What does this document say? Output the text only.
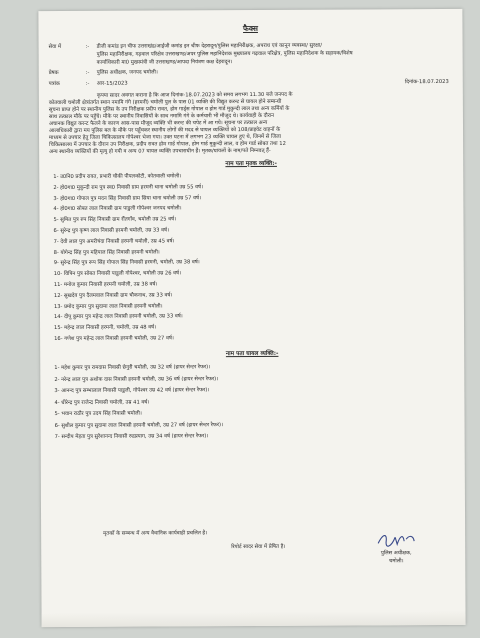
फैक्स
सेवा में	:- डीजी कमांड इन चीफ उत्तराखंड/आईजी कमांड इन चीफ देहरादून/पुलिस महानिरीक्षक, अपराध एवं कानून व्यवस्था/ सुरक्षा/
पुलिस महानिरीक्षक, गढ़वाल परिक्षेत्र उत्तराखण्ड/अपर पुलिस महानिदेशक मुख्यालय गढ़वाल परिक्षेत्र, पुलिस महानिदेशक के सहायक/विशेष
कार्याधिकारी मा0 मुख्यमंत्री जी उत्तराखण्ड/आपदा नियंत्रण कक्ष देहरादून।
प्रेषक	:- पुलिस अधीक्षक, जनपद चमोली।
पत्रांक	:- आर-15/2023	दिनांक-18.07.2023
कृपया सादर अवगत कराना है कि आज दिनांक-18.07.2023 को समय लगभग 11.30 बजे जनपद के
कोतवाली चमोली क्षेत्रांतर्गत स्थान नमामि गंगे (हरमनी) चमोली पुल के पास 01 व्यक्ति की विद्युत करन्ट से घायल होने सम्बन्धी
सूचना प्राप्त होने पर स्थानीय पुलिस के उप निरीक्षक प्रदीप रावत, होम गार्ड्स गोपाल व होम गार्ड मुकुन्दी लाल तथा अन्य कर्मियों के
साथ तत्काल मौके पर पहुँचे। मौके पर स्थानीय निवासियों के साथ नमामि गंगे के कर्मचारी भी मौजूद थे। कार्यवाही के दौरान
अचानक विद्युत करन्ट फैलने के कारण आस-पास मौजूद व्यक्ति भी करन्ट की चपेट में आ गये। सूचना पर तत्काल अन्य
आलाधिकारी द्वारा मय पुलिस बल के मौके पर पहुँचकर स्थानीय लोगों की मदद से घायल व्यक्तियों को 108/प्राइवेट वाहनों के
माध्यम से उपचार हेतु जिला चिकित्सालय गोपेश्वर भेजा गया। उक्त घटना में लगभग 23 व्यक्ति घायल हुए थे, जिनमें से जिला
चिकित्सालय में उपचार के दौरान उप निरीक्षक, प्रदीप रावत होम गार्ड गोपाल, होम गार्ड मुकुन्दी लाल, व होम गार्ड सोबत तथा 12
अन्य स्थानीय व्यक्तियों की मृत्यु हो गयी व अन्य 07 घायल व्यक्ति उपचाराधीन हैं। मृतक/घायलों के नाम/पते निम्नवत् हैं-
नाम पता मृतक व्यक्ति:-
1- उ0नि0 प्रदीप रावत, प्रभारी चौकी पीपलकोटी, कोतवाली चमोली।
2- हो0गा0 मुकुन्दी राम पुत्र स्व0 निवासी ग्राम हरमनी थाना चमोली उम्र 55 वर्ष।
3- हो0गा0 गोपाल पुत्र मदन सिंह निवासी ग्राम सिया थाना चमोली उम्र 57 वर्ष।
4- हो0गा0 सोबत लाल निवासी ग्राम पाडुली गोपेश्वर जनपद चमोली।
5- सुमित पुत्र रुप सिंह निवासी ग्राम रौंतगाँव, चमोली उम्र 25 वर्ष।
6- सुरेन्द्र पुत्र कृष्ण लाल निवासी हरमनी चमोली, उम्र 33 वर्ष।
7- देवी लाल पुत्र अमरीचंदा निवासी हरमनी चमोली, उम्र 45 वर्ष।
8- योगेन्द्र सिंह पुत्र महिपाल सिंह निवासी हरमनी चमोली।
9- सुरेन्द्र सिंह पुत्र रूप सिंह गोपाल सिंह निवासी हरमनी, चमोली, उम्र 38 वर्ष।
10- विपिन पुत्र सोबत निवासी पाडुली गोपेश्वर, चमोली उम्र 26 वर्ष।
11- मनोज कुमार निवासी हरमनी चमोली, उम्र 38 वर्ष।
12- सुखदेव पुत्र दैलमवाल निवासी ग्राम चौकनाथ, उम्र 33 वर्ष।
13- प्रमोद कुमार पुत्र सुदामा लाल निवासी हरमनी चमोली।
14- दीपू कुमार पुत्र महेन्द्र लाल निवासी हरमनी चमोली, उम्र 33 वर्ष।
15- महेन्द्र लाल निवासी हरमनी, चमोली, उम्र 48 वर्ष।
16- गणेश पुत्र महेन्द्र लाल निवासी हरमनी चमोली, उम्र 27 वर्ष।
नाम पता घायल व्यक्ति:-
1- महेश कुमार पुत्र रामदास निवासी छेनुरी चमोली, उम्र 32 वर्ष (हायर सेन्टर रैफर)।
2- नरेन्द्र लाल पुत्र अशोक दास निवासी हरमनी चमोली, उम्र 36 वर्ष (हायर सेन्टर रैफर)।
3- आनन्द पुत्र सम्भालाल निवासी पाडुली, गोपेश्वर उम्र 42 वर्ष (हायर सेन्टर रैफर)।
4- धीरेन्द्र पुत्र राजेन्द्र निवासी चमोली, उम्र 41 वर्ष।
5- भवान राठौर पुत्र उदय सिंह निवासी चमोली।
6- सुशील कुमार पुत्र सुदामा लाल निवासी हरमनी चमोली, उम्र 27 वर्ष (हायर सेन्टर रैफर)।
7- सन्दीप मेहता पुत्र सुरेशानन्द निवासी रुद्रप्रयाग, उम्र 34 वर्ष (हायर सेन्टर रैफर)।
मृतकों के सम्बन्ध में अन्य वैधानिक कार्यवाही प्रचलित है।
रिपोर्ट सादर सेवा में प्रेषित है।
पुलिस अधीक्षक,
चमोली।
